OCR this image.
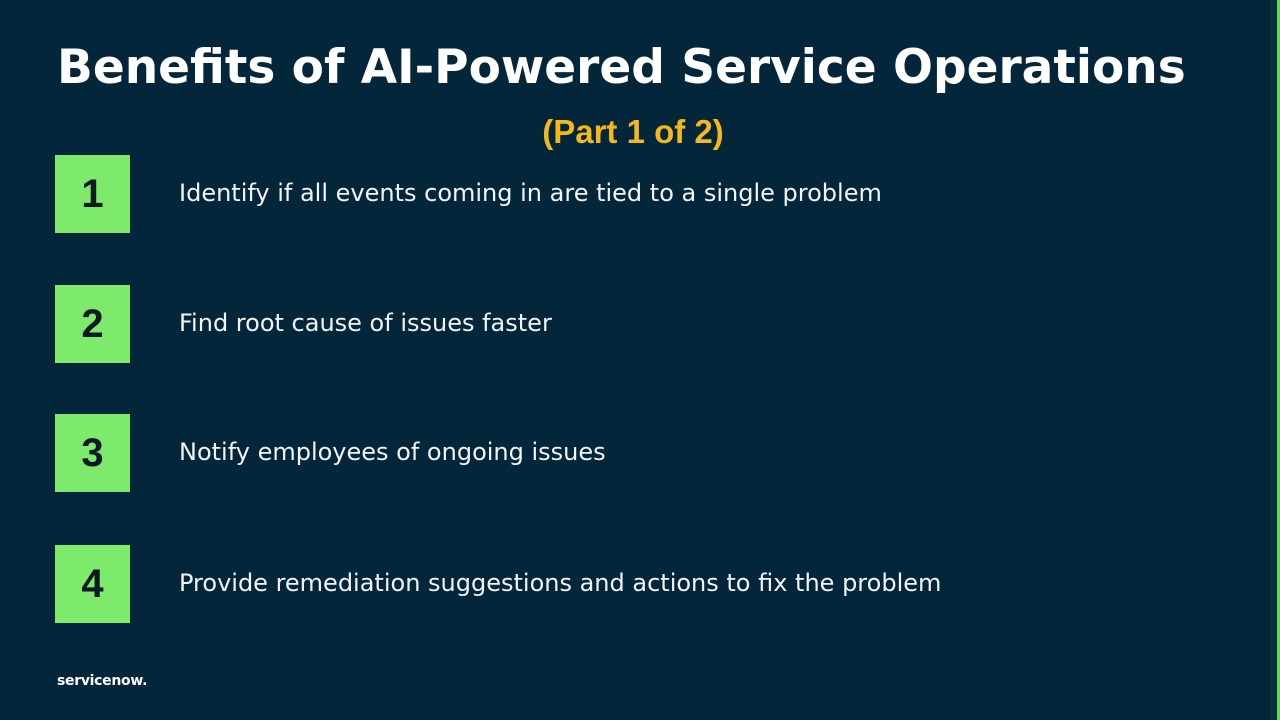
Benefits of AI-Powered Service Operations
(Part 1 of 2)
1	Identify if all events coming in are tied to a single problem
2	Find root cause of issues faster
3	Notify employees of ongoing issues
4	Provide remediation suggestions and actions to fix the problem
servicenow.
